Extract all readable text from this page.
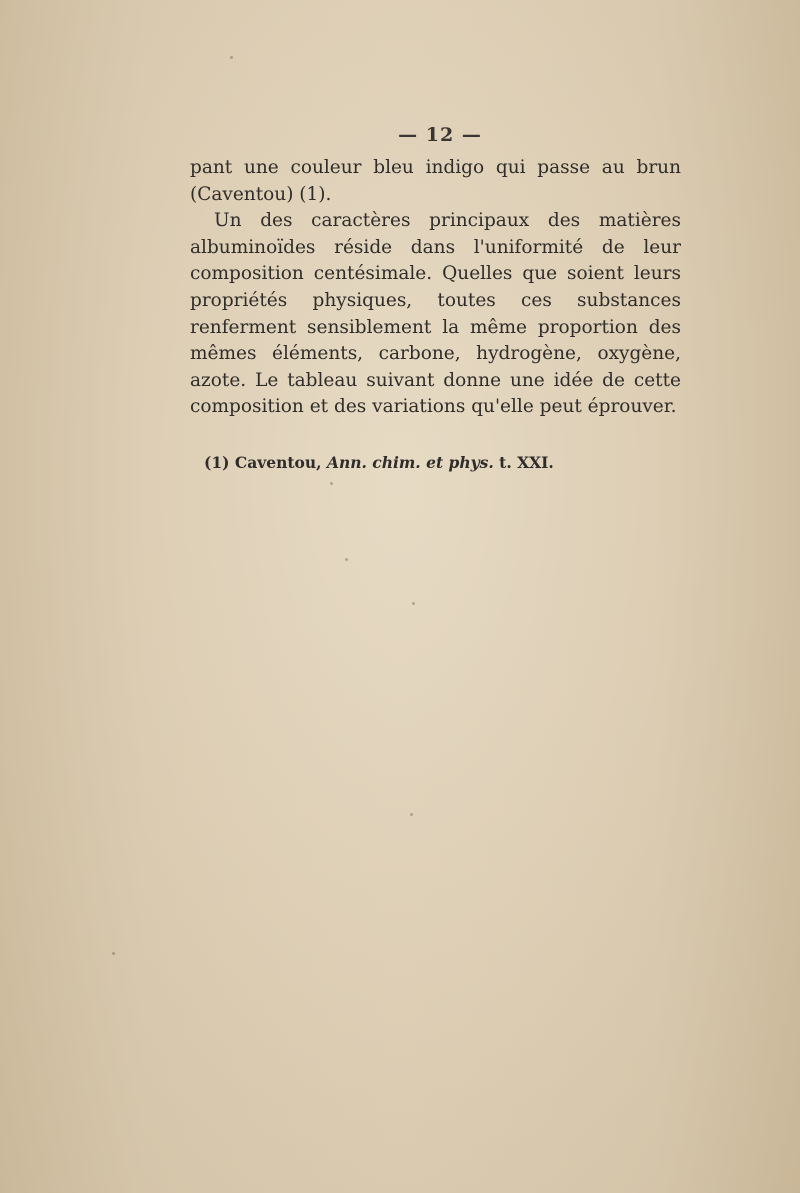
— 12 —

pant une couleur bleu indigo qui passe au brun (Caventou) (1).

Un des caractères principaux des matières albuminoïdes réside dans l'uniformité de leur composition centésimale. Quelles que soient leurs propriétés physiques, toutes ces substances renferment sensiblement la même proportion des mêmes éléments, carbone, hydrogène, oxygène, azote. Le tableau suivant donne une idée de cette composition et des variations qu'elle peut éprouver.

(1) Caventou, Ann. chim. et phys. t. XXI.
